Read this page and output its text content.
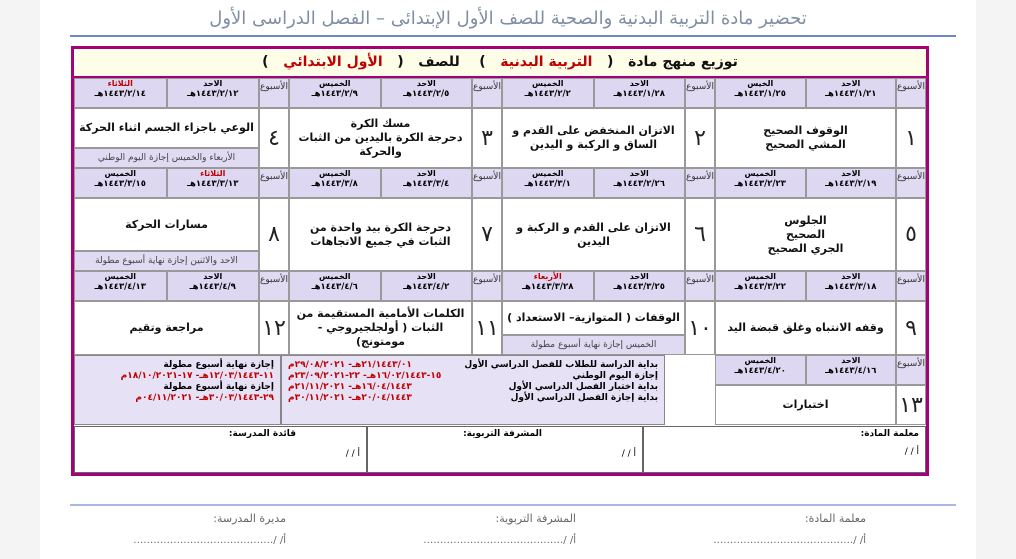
تحضير مادة التربية البدنية والصحية للصف الأول الإبتدائى – الفصل الدراسى الأول
توزيع منهج مادة   (   التربية البدنية   )    للصف   (   الأول الابتدائي   )
الأسبوع
١
الاحد
١٤٤٣/١/٢١هـ
الخيس
١٤٤٣/١/٢٥هـ
الوقوف الصحيح
المشي الصحيح
الأسبوع
٢
الاحد
١٤٤٣/١/٢٨هـ
الخميس
١٤٤٣/٢/٢هـ
الاتزان المنخفض على القدم و الساق و الركبة و اليدين
الأسبوع
٣
الاحد
١٤٤٣/٢/٥هـ
الخميس
١٤٤٣/٢/٩هـ
مسك الكرة
دحرجة الكرة باليدين من الثبات والحركة
الأسبوع
٤
الاحد
١٤٤٣/٢/١٢هـ
الثلاثاء
١٤٤٣/٢/١٤هـ
الوعي باجزاء الجسم اثناء الحركة
الأربعاء والخميس إجازة اليوم الوطني
الأسبوع
٥
الاحد
١٤٤٣/٢/١٩هـ
الخميس
١٤٤٣/٢/٢٣هـ
الجلوس
الصحيح
الجري الصحيح
الأسبوع
٦
الاحد
١٤٤٣/٢/٢٦هـ
الخميس
١٤٤٣/٣/١هـ
الاتزان على القدم و الركبة و اليدين
الأسبوع
٧
الاحد
١٤٤٣/٣/٤هـ
الخميس
١٤٤٣/٣/٨هـ
دحرجة الكرة بيد واحدة من الثبات في جميع الاتجاهات
الأسبوع
٨
الثلاثاء
١٤٤٣/٣/١٣هـ
الخميس
١٤٤٣/٣/١٥هـ
مسارات الحركة
الاحد والاثنين إجازة نهاية أسبوع مطولة
الأسبوع
٩
الاحد
١٤٤٣/٣/١٨هـ
الخميس
١٤٤٣/٣/٢٢هـ
وقفه الانتباه وغلق قبضة اليد
الأسبوع
١٠
الاحد
١٤٤٣/٣/٢٥هـ
الأربعاء
١٤٤٣/٣/٢٨هـ
الوقفات ( المتوازية– الاستعداد )
الخميس إجازة نهاية أسبوع مطولة
الأسبوع
١١
الاحد
١٤٤٣/٤/٢هـ
الخميس
١٤٤٣/٤/٦هـ
الكلمات الأمامية المستقيمة من الثبات ( أولجلجيروجي - مومتونج)
الأسبوع
١٢
الاحد
١٤٤٣/٤/٩هـ
الخميس
١٤٤٣/٤/١٣هـ
مراجعة وتقيم
الأسبوع
١٣
الاحد
١٤٤٣/٤/١٦هـ
الخميس
١٤٤٣/٤/٢٠هـ
اختبارات

إجازة نهاية أسبوع مطولة

١١-١٢/٠٣/١٤٤٣هـ- ١٧-١٨/١٠/٢٠٢١م

إجازة نهاية أسبوع مطولة

٢٩-٣٠/٠٣/١٤٤٣هـ- ٠٤/١١/٢٠٢١م

بداية الدراسة للطلاب للفصل الدراسي الأول

٢١/١٤٤٣/٠١هـ- ٢٩/٠٨/٢٠٢١م

إجازة اليوم الوطني

١٥-١٦/٠٢/١٤٤٣هـ- ٢٢-٢٣/٠٩/٢٠٢١م

بداية اختبار الفصل الدراسي الأول

١٦/٠٤/١٤٤٣هـ- ٢١/١١/٢٠٢١م

بداية إجازة الفصل الدراسي الأول

٢٠/٠٤/١٤٤٣هـ- ٣٠/١١/٢٠٢١م

معلمة المادة:
/ / أ
المشرفة التربوية:
/ / أ
قائدة المدرسة:
/ / أ
معلمة المادة:
……………………………………/ /أ
المشرفة التربوية:
……………………………………/ /أ
مديرة المدرسة:
……………………………………/ /أ
